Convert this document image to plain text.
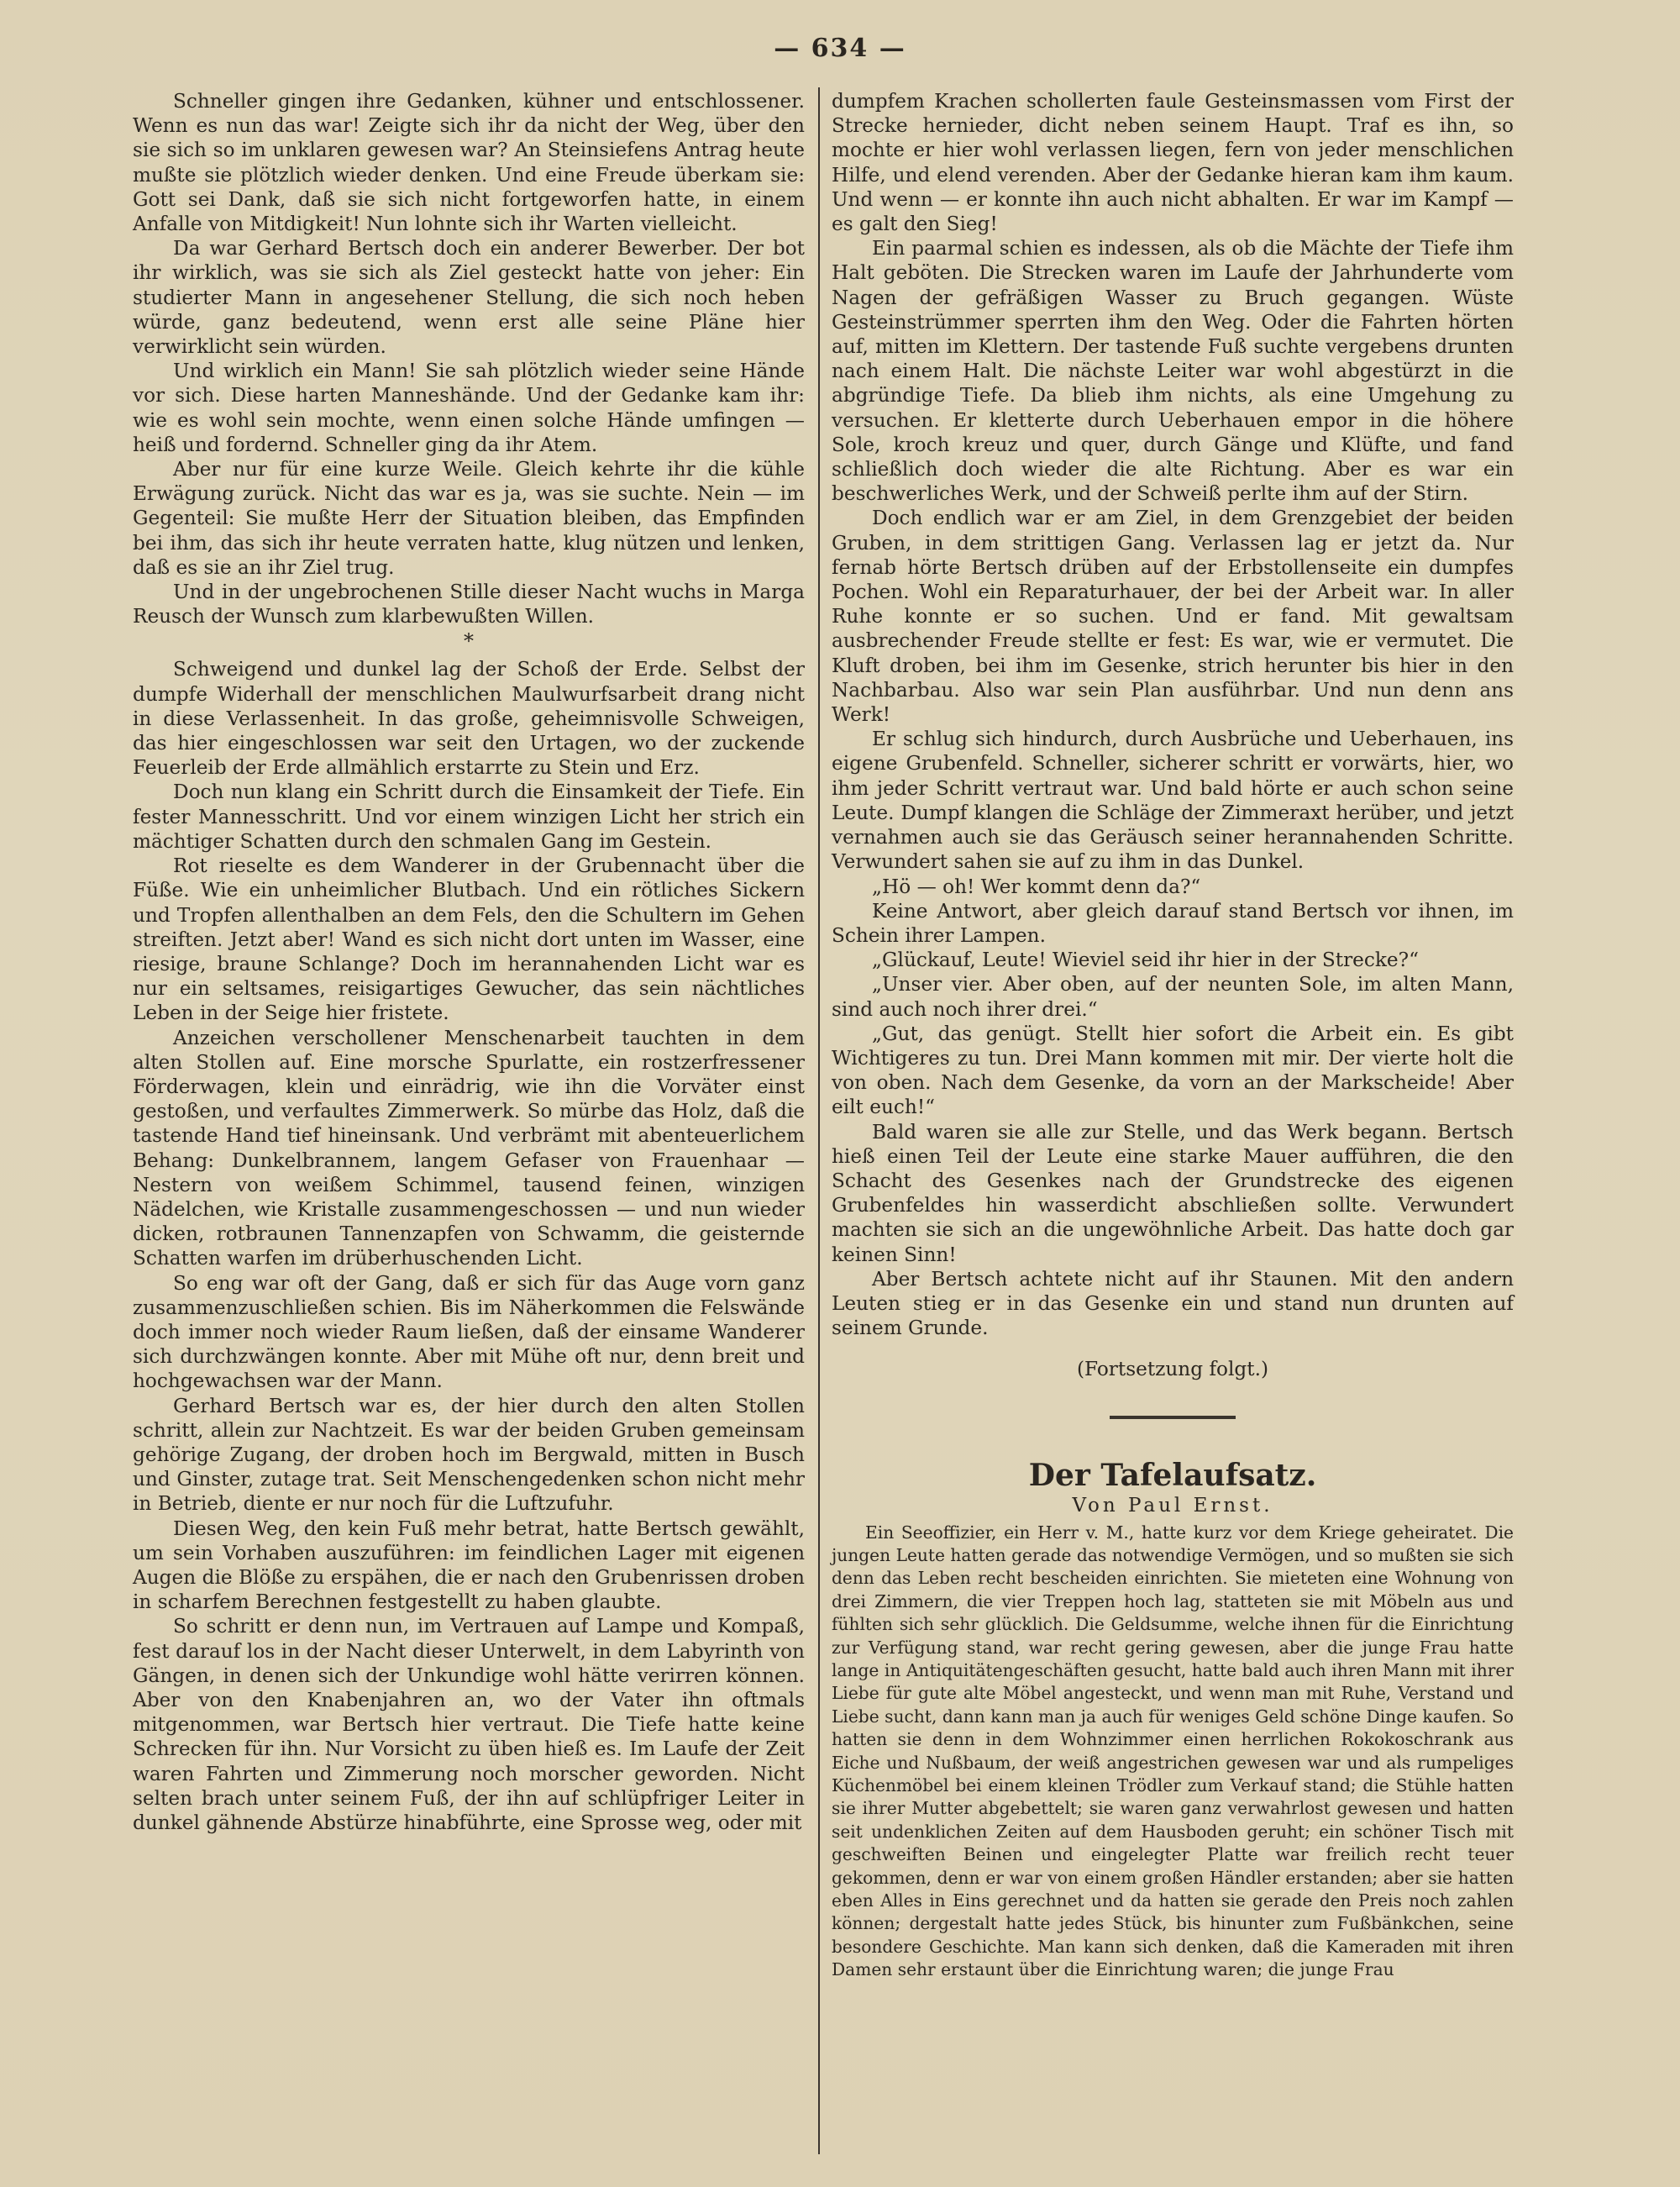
— 634 —

Schneller gingen ihre Gedanken, kühner und entschlossener. Wenn es nun das war! Zeigte sich ihr da nicht der Weg, über den sie sich so im unklaren gewesen war? An Steinsiefens Antrag heute mußte sie plötzlich wieder denken. Und eine Freude überkam sie: Gott sei Dank, daß sie sich nicht fortgeworfen hatte, in einem Anfalle von Mitdigkeit! Nun lohnte sich ihr Warten vielleicht.

Da war Gerhard Bertsch doch ein anderer Bewerber. Der bot ihr wirklich, was sie sich als Ziel gesteckt hatte von jeher: Ein studierter Mann in angesehener Stellung, die sich noch heben würde, ganz bedeutend, wenn erst alle seine Pläne hier verwirklicht sein würden.

Und wirklich ein Mann! Sie sah plötzlich wieder seine Hände vor sich. Diese harten Manneshände. Und der Gedanke kam ihr: wie es wohl sein mochte, wenn einen solche Hände umfingen — heiß und fordernd. Schneller ging da ihr Atem.

Aber nur für eine kurze Weile. Gleich kehrte ihr die kühle Erwägung zurück. Nicht das war es ja, was sie suchte. Nein — im Gegenteil: Sie mußte Herr der Situation bleiben, das Empfinden bei ihm, das sich ihr heute verraten hatte, klug nützen und lenken, daß es sie an ihr Ziel trug.

Und in der ungebrochenen Stille dieser Nacht wuchs in Marga Reusch der Wunsch zum klarbewußten Willen.

*

Schweigend und dunkel lag der Schoß der Erde. Selbst der dumpfe Widerhall der menschlichen Maulwurfsarbeit drang nicht in diese Verlassenheit. In das große, geheimnisvolle Schweigen, das hier eingeschlossen war seit den Urtagen, wo der zuckende Feuerleib der Erde allmählich erstarrte zu Stein und Erz.

Doch nun klang ein Schritt durch die Einsamkeit der Tiefe. Ein fester Mannesschritt. Und vor einem winzigen Licht her strich ein mächtiger Schatten durch den schmalen Gang im Gestein.

Rot rieselte es dem Wanderer in der Grubennacht über die Füße. Wie ein unheimlicher Blutbach. Und ein rötliches Sickern und Tropfen allenthalben an dem Fels, den die Schultern im Gehen streiften. Jetzt aber! Wand es sich nicht dort unten im Wasser, eine riesige, braune Schlange? Doch im herannahenden Licht war es nur ein seltsames, reisigartiges Gewucher, das sein nächtliches Leben in der Seige hier fristete.

Anzeichen verschollener Menschenarbeit tauchten in dem alten Stollen auf. Eine morsche Spurlatte, ein rostzerfressener Förderwagen, klein und einrädrig, wie ihn die Vorväter einst gestoßen, und verfaultes Zimmerwerk. So mürbe das Holz, daß die tastende Hand tief hineinsank. Und verbrämt mit abenteuerlichem Behang: Dunkelbrannem, langem Gefaser von Frauenhaar — Nestern von weißem Schimmel, tausend feinen, winzigen Nädelchen, wie Kristalle zusammengeschossen — und nun wieder dicken, rotbraunen Tannenzapfen von Schwamm, die geisternde Schatten warfen im drüberhuschenden Licht.

So eng war oft der Gang, daß er sich für das Auge vorn ganz zusammenzuschließen schien. Bis im Näherkommen die Felswände doch immer noch wieder Raum ließen, daß der einsame Wanderer sich durchzwängen konnte. Aber mit Mühe oft nur, denn breit und hochgewachsen war der Mann.

Gerhard Bertsch war es, der hier durch den alten Stollen schritt, allein zur Nachtzeit. Es war der beiden Gruben gemeinsam gehörige Zugang, der droben hoch im Bergwald, mitten in Busch und Ginster, zutage trat. Seit Menschengedenken schon nicht mehr in Betrieb, diente er nur noch für die Luftzufuhr.

Diesen Weg, den kein Fuß mehr betrat, hatte Bertsch gewählt, um sein Vorhaben auszuführen: im feindlichen Lager mit eigenen Augen die Blöße zu erspähen, die er nach den Grubenrissen droben in scharfem Berechnen festgestellt zu haben glaubte.

So schritt er denn nun, im Vertrauen auf Lampe und Kompaß, fest darauf los in der Nacht dieser Unterwelt, in dem Labyrinth von Gängen, in denen sich der Unkundige wohl hätte verirren können. Aber von den Knabenjahren an, wo der Vater ihn oftmals mitgenommen, war Bertsch hier vertraut. Die Tiefe hatte keine Schrecken für ihn. Nur Vorsicht zu üben hieß es. Im Laufe der Zeit waren Fahrten und Zimmerung noch morscher geworden. Nicht selten brach unter seinem Fuß, der ihn auf schlüpfriger Leiter in dunkel gähnende Abstürze hinabführte, eine Sprosse weg, oder mit

dumpfem Krachen schollerten faule Gesteinsmassen vom First der Strecke hernieder, dicht neben seinem Haupt. Traf es ihn, so mochte er hier wohl verlassen liegen, fern von jeder menschlichen Hilfe, und elend verenden. Aber der Gedanke hieran kam ihm kaum. Und wenn — er konnte ihn auch nicht abhalten. Er war im Kampf — es galt den Sieg!

Ein paarmal schien es indessen, als ob die Mächte der Tiefe ihm Halt geböten. Die Strecken waren im Laufe der Jahrhunderte vom Nagen der gefräßigen Wasser zu Bruch gegangen. Wüste Gesteinstrümmer sperrten ihm den Weg. Oder die Fahrten hörten auf, mitten im Klettern. Der tastende Fuß suchte vergebens drunten nach einem Halt. Die nächste Leiter war wohl abgestürzt in die abgründige Tiefe. Da blieb ihm nichts, als eine Umgehung zu versuchen. Er kletterte durch Ueberhauen empor in die höhere Sole, kroch kreuz und quer, durch Gänge und Klüfte, und fand schließlich doch wieder die alte Richtung. Aber es war ein beschwerliches Werk, und der Schweiß perlte ihm auf der Stirn.

Doch endlich war er am Ziel, in dem Grenzgebiet der beiden Gruben, in dem strittigen Gang. Verlassen lag er jetzt da. Nur fernab hörte Bertsch drüben auf der Erbstollenseite ein dumpfes Pochen. Wohl ein Reparaturhauer, der bei der Arbeit war. In aller Ruhe konnte er so suchen. Und er fand. Mit gewaltsam ausbrechender Freude stellte er fest: Es war, wie er vermutet. Die Kluft droben, bei ihm im Gesenke, strich herunter bis hier in den Nachbarbau. Also war sein Plan ausführbar. Und nun denn ans Werk!

Er schlug sich hindurch, durch Ausbrüche und Ueberhauen, ins eigene Grubenfeld. Schneller, sicherer schritt er vorwärts, hier, wo ihm jeder Schritt vertraut war. Und bald hörte er auch schon seine Leute. Dumpf klangen die Schläge der Zimmeraxt herüber, und jetzt vernahmen auch sie das Geräusch seiner herannahenden Schritte. Verwundert sahen sie auf zu ihm in das Dunkel.

„Hö — oh! Wer kommt denn da?“

Keine Antwort, aber gleich darauf stand Bertsch vor ihnen, im Schein ihrer Lampen.

„Glückauf, Leute! Wieviel seid ihr hier in der Strecke?“

„Unser vier. Aber oben, auf der neunten Sole, im alten Mann, sind auch noch ihrer drei.“

„Gut, das genügt. Stellt hier sofort die Arbeit ein. Es gibt Wichtigeres zu tun. Drei Mann kommen mit mir. Der vierte holt die von oben. Nach dem Gesenke, da vorn an der Markscheide! Aber eilt euch!“

Bald waren sie alle zur Stelle, und das Werk begann. Bertsch hieß einen Teil der Leute eine starke Mauer aufführen, die den Schacht des Gesenkes nach der Grundstrecke des eigenen Grubenfeldes hin wasserdicht abschließen sollte. Verwundert machten sie sich an die ungewöhnliche Arbeit. Das hatte doch gar keinen Sinn!

Aber Bertsch achtete nicht auf ihr Staunen. Mit den andern Leuten stieg er in das Gesenke ein und stand nun drunten auf seinem Grunde.

(Fortsetzung folgt.)

Der Tafelaufsatz.
Von Paul Ernst.

Ein Seeoffizier, ein Herr v. M., hatte kurz vor dem Kriege geheiratet. Die jungen Leute hatten gerade das notwendige Vermögen, und so mußten sie sich denn das Leben recht bescheiden einrichten. Sie mieteten eine Wohnung von drei Zimmern, die vier Treppen hoch lag, statteten sie mit Möbeln aus und fühlten sich sehr glücklich. Die Geldsumme, welche ihnen für die Einrichtung zur Verfügung stand, war recht gering gewesen, aber die junge Frau hatte lange in Antiquitätengeschäften gesucht, hatte bald auch ihren Mann mit ihrer Liebe für gute alte Möbel angesteckt, und wenn man mit Ruhe, Verstand und Liebe sucht, dann kann man ja auch für weniges Geld schöne Dinge kaufen. So hatten sie denn in dem Wohnzimmer einen herrlichen Rokokoschrank aus Eiche und Nußbaum, der weiß angestrichen gewesen war und als rumpeliges Küchenmöbel bei einem kleinen Trödler zum Verkauf stand; die Stühle hatten sie ihrer Mutter abgebettelt; sie waren ganz verwahrlost gewesen und hatten seit undenklichen Zeiten auf dem Hausboden geruht; ein schöner Tisch mit geschweiften Beinen und eingelegter Platte war freilich recht teuer gekommen, denn er war von einem großen Händler erstanden; aber sie hatten eben Alles in Eins gerechnet und da hatten sie gerade den Preis noch zahlen können; dergestalt hatte jedes Stück, bis hinunter zum Fußbänkchen, seine besondere Geschichte. Man kann sich denken, daß die Kameraden mit ihren Damen sehr erstaunt über die Einrichtung waren; die junge Frau
